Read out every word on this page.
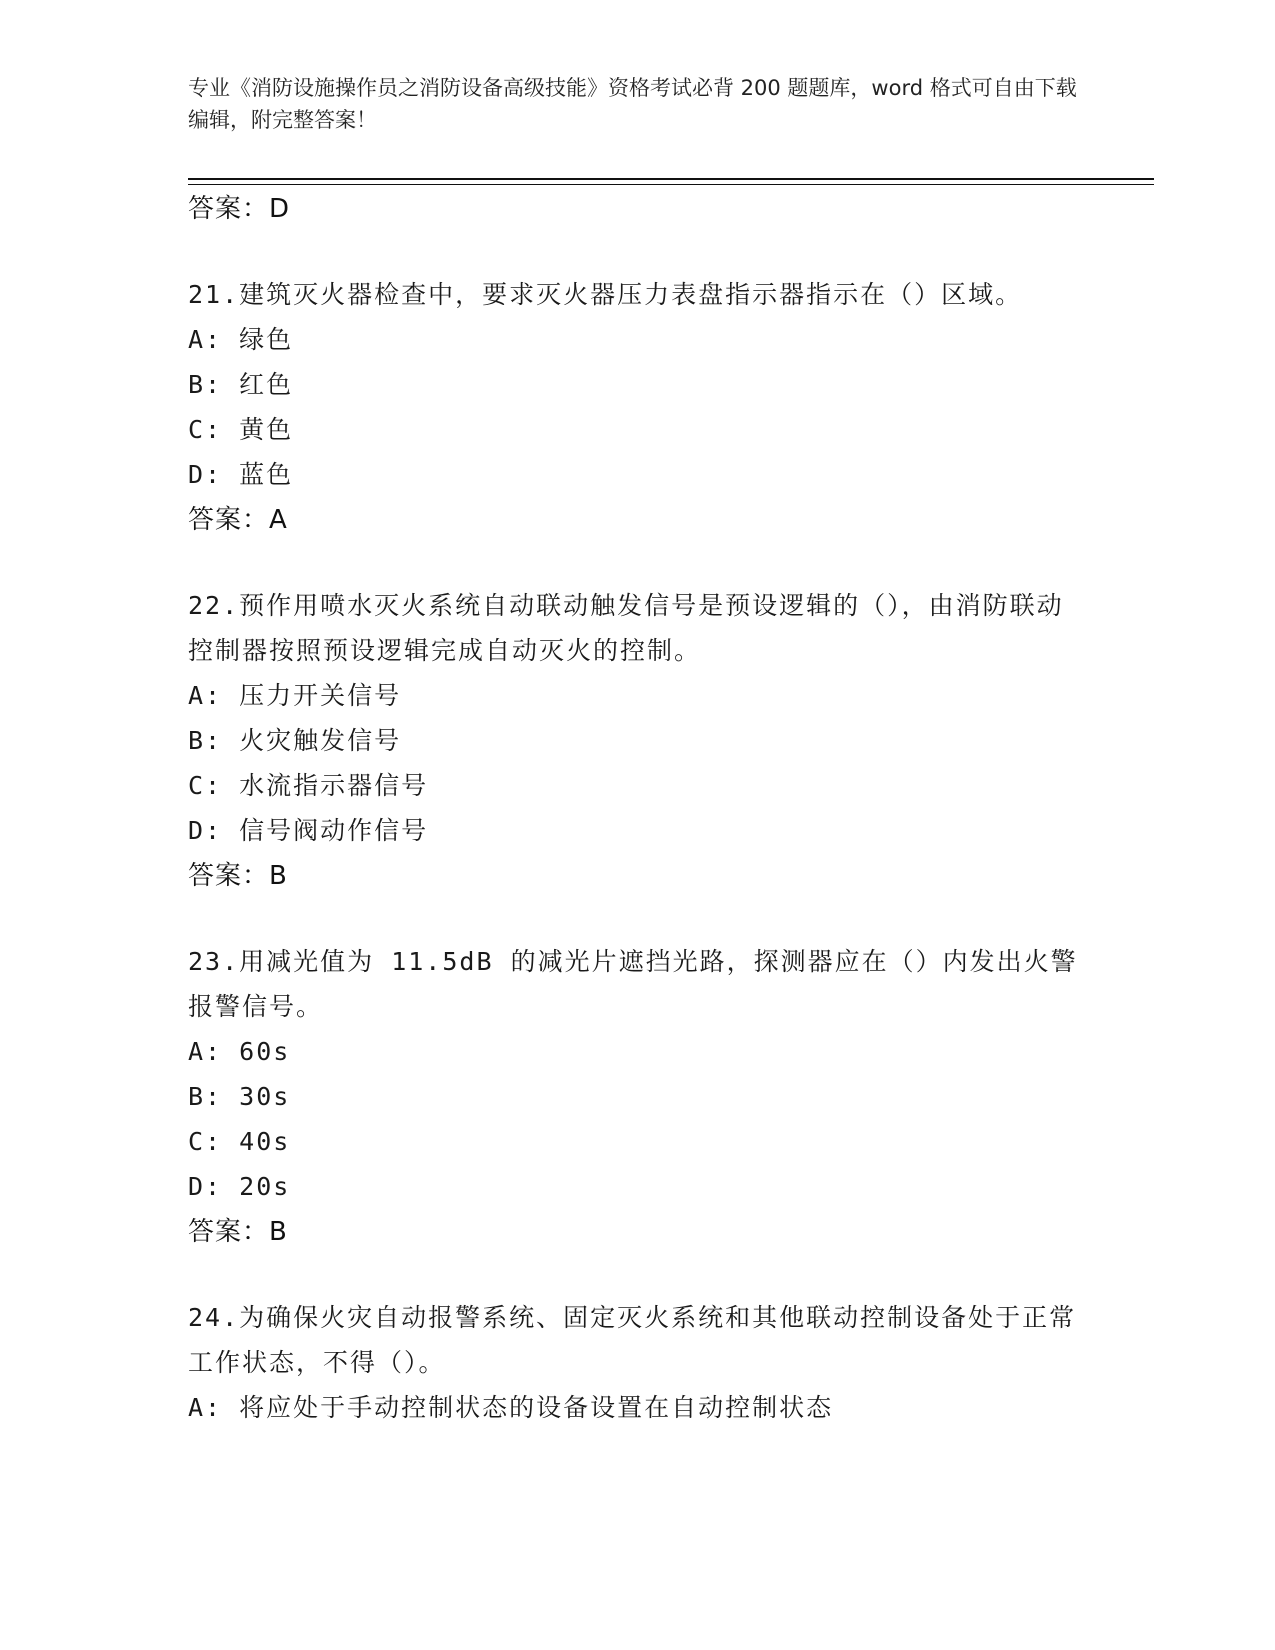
专业《消防设施操作员之消防设备高级技能》资格考试必背 200 题题库，word 格式可自由下载编辑，附完整答案！
答案：D
21.建筑灭火器检查中，要求灭火器压力表盘指示器指示在（）区域。
A: 绿色
B: 红色
C: 黄色
D: 蓝色
答案：A
22.预作用喷水灭火系统自动联动触发信号是预设逻辑的（），由消防联动控制器按照预设逻辑完成自动灭火的控制。
A: 压力开关信号
B: 火灾触发信号
C: 水流指示器信号
D: 信号阀动作信号
答案：B
23.用减光值为 11.5dB 的减光片遮挡光路，探测器应在（）内发出火警报警信号。
A: 60s
B: 30s
C: 40s
D: 20s
答案：B
24.为确保火灾自动报警系统、固定灭火系统和其他联动控制设备处于正常工作状态，不得（）。
A: 将应处于手动控制状态的设备设置在自动控制状态
